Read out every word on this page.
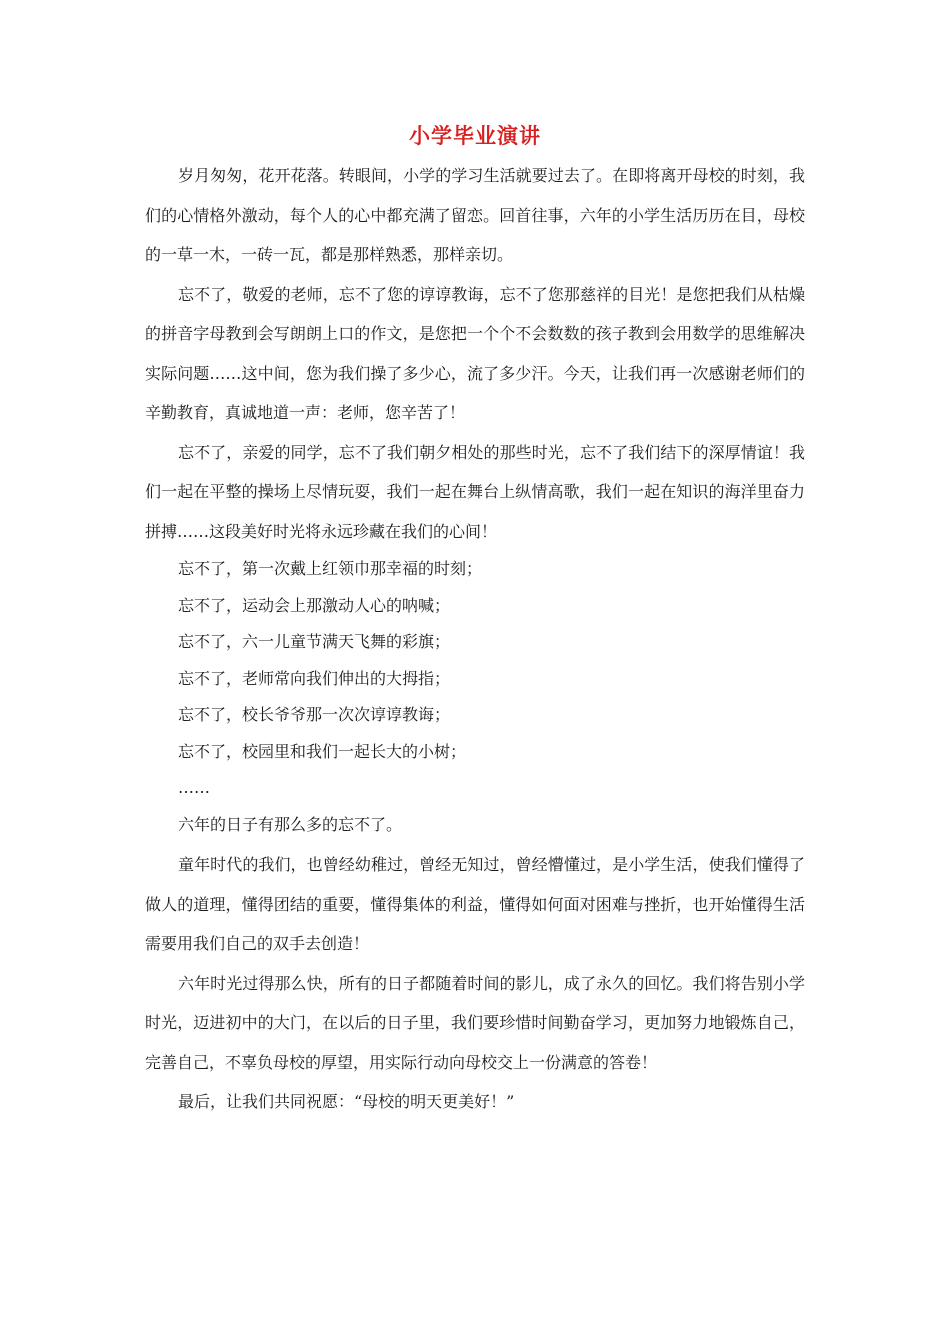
小学毕业演讲

岁月匆匆，花开花落。转眼间，小学的学习生活就要过去了。在即将离开母校的时刻，我们的心情格外激动，每个人的心中都充满了留恋。回首往事，六年的小学生活历历在目，母校的一草一木，一砖一瓦，都是那样熟悉，那样亲切。

忘不了，敬爱的老师，忘不了您的谆谆教诲，忘不了您那慈祥的目光！是您把我们从枯燥的拼音字母教到会写朗朗上口的作文，是您把一个个不会数数的孩子教到会用数学的思维解决实际问题……这中间，您为我们操了多少心，流了多少汗。今天，让我们再一次感谢老师们的辛勤教育，真诚地道一声：老师，您辛苦了！

忘不了，亲爱的同学，忘不了我们朝夕相处的那些时光，忘不了我们结下的深厚情谊！我们一起在平整的操场上尽情玩耍，我们一起在舞台上纵情高歌，我们一起在知识的海洋里奋力拼搏……这段美好时光将永远珍藏在我们的心间！

忘不了，第一次戴上红领巾那幸福的时刻；

忘不了，运动会上那激动人心的呐喊；

忘不了，六一儿童节满天飞舞的彩旗；

忘不了，老师常向我们伸出的大拇指；

忘不了，校长爷爷那一次次谆谆教诲；

忘不了，校园里和我们一起长大的小树；

……

六年的日子有那么多的忘不了。

童年时代的我们，也曾经幼稚过，曾经无知过，曾经懵懂过，是小学生活，使我们懂得了做人的道理，懂得团结的重要，懂得集体的利益，懂得如何面对困难与挫折，也开始懂得生活需要用我们自己的双手去创造！

六年时光过得那么快，所有的日子都随着时间的影儿，成了永久的回忆。我们将告别小学时光，迈进初中的大门，在以后的日子里，我们要珍惜时间勤奋学习，更加努力地锻炼自己，完善自己，不辜负母校的厚望，用实际行动向母校交上一份满意的答卷！

最后，让我们共同祝愿：“母校的明天更美好！”
